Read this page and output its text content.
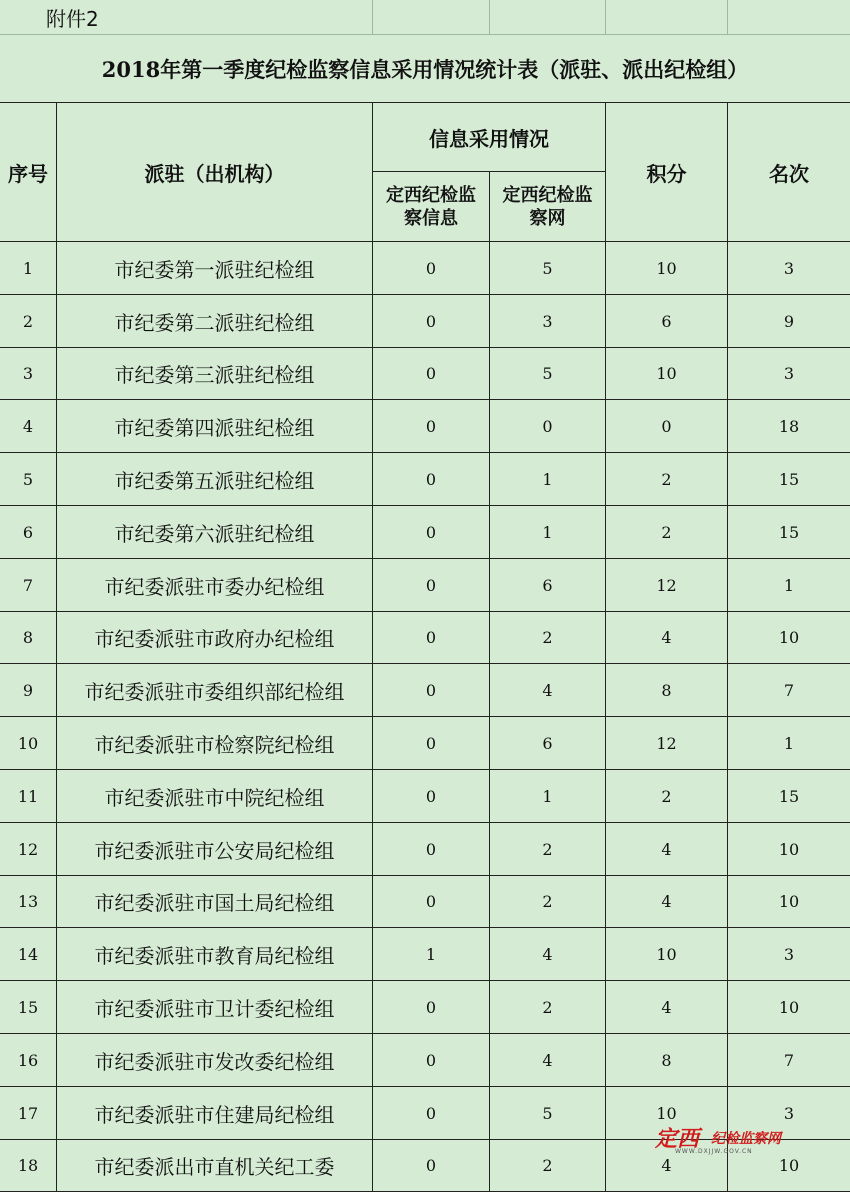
附件2
2018年第一季度纪检监察信息采用情况统计表（派驻、派出纪检组）
序号	派驻（出机构）
信息采用情况
定西纪检监察信息
定西纪检监察网
积分	名次
1	市纪委第一派驻纪检组	0	5	10	3
2	市纪委第二派驻纪检组	0	3	6	9
3	市纪委第三派驻纪检组	0	5	10	3
4	市纪委第四派驻纪检组	0	0	0	18
5	市纪委第五派驻纪检组	0	1	2	15
6	市纪委第六派驻纪检组	0	1	2	15
7	市纪委派驻市委办纪检组	0	6	12	1
8	市纪委派驻市政府办纪检组	0	2	4	10
9	市纪委派驻市委组织部纪检组	0	4	8	7
10	市纪委派驻市检察院纪检组	0	6	12	1
11	市纪委派驻市中院纪检组	0	1	2	15
12	市纪委派驻市公安局纪检组	0	2	4	10
13	市纪委派驻市国土局纪检组	0	2	4	10
14	市纪委派驻市教育局纪检组	1	4	10	3
15	市纪委派驻市卫计委纪检组	0	2	4	10
16	市纪委派驻市发改委纪检组	0	4	8	7
17	市纪委派驻市住建局纪检组	0	5	10	3
18	市纪委派出市直机关纪工委	0	2	4	10
定西 纪检监察网
WWW.DXJJW.GOV.CN
